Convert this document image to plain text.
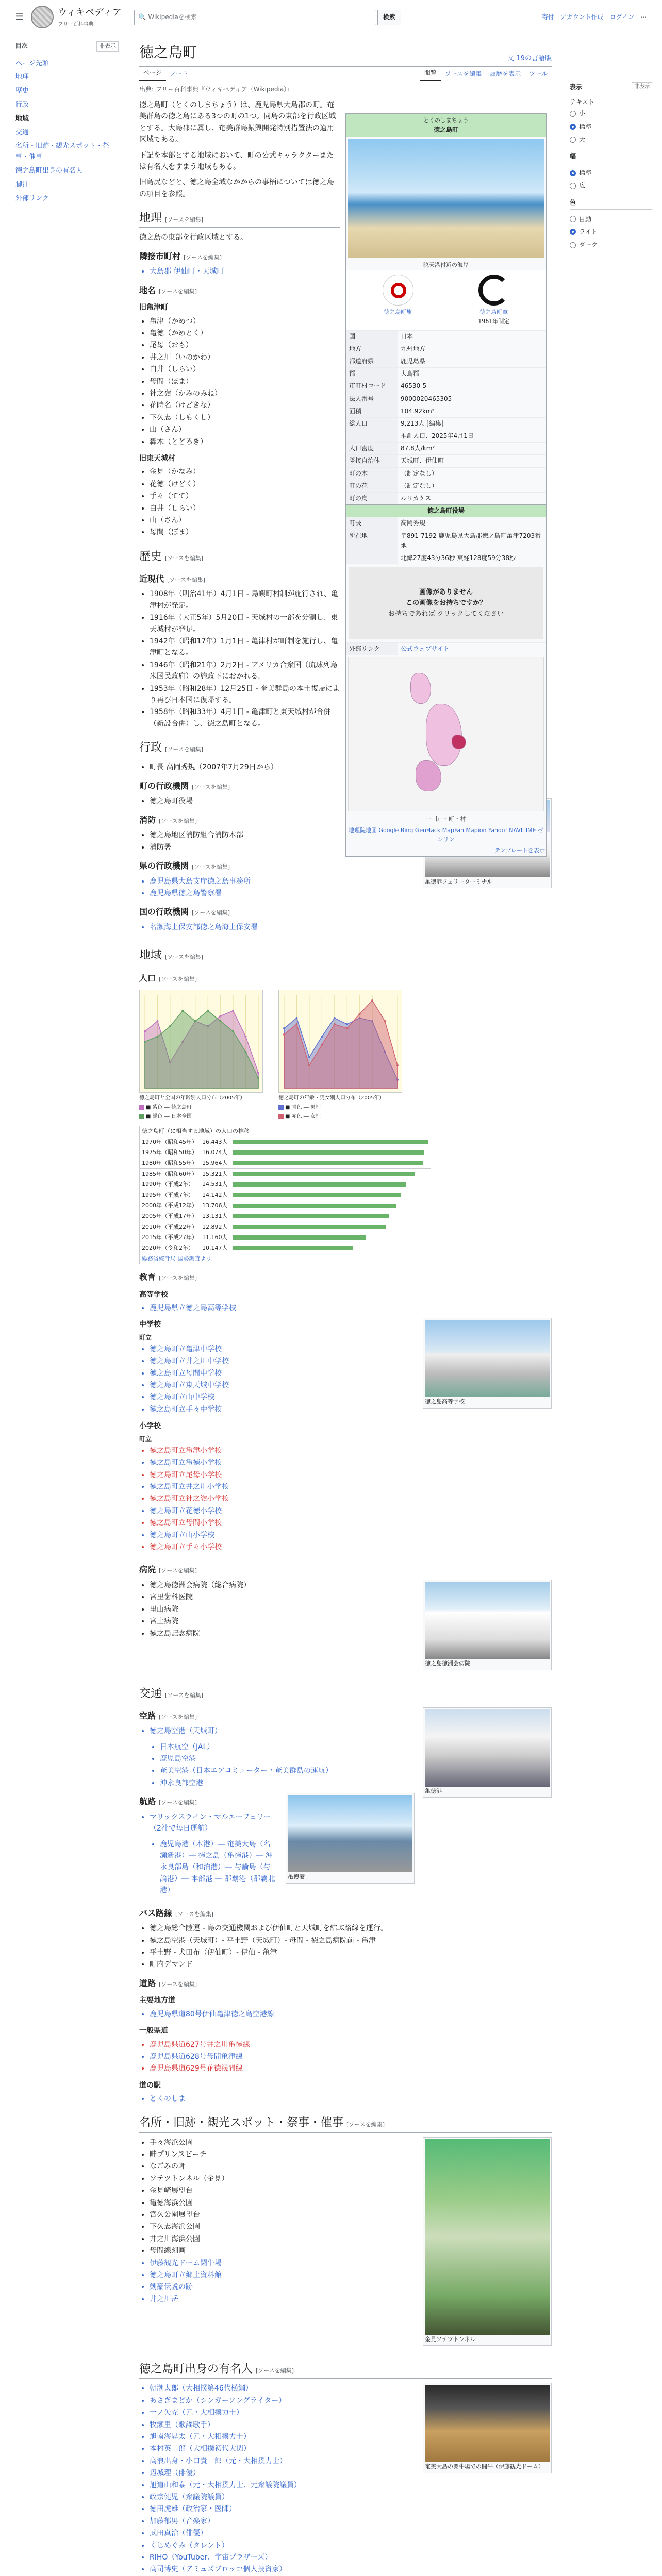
☰	ウィキペディア
フリー百科事典
🔍 Wikipediaを検索	検索	寄付 アカウント作成 ログイン ⋯
目次	非表示
ページ先頭
地理
歴史
行政
地域
交通
名所・旧跡・観光スポット・祭事・催事
徳之島町出身の有名人
脚注
外部リンク
表示	非表示
テキスト
小
標準
大
幅
標準
広
色
自動
ライト
ダーク
徳之島町	文 19の言語版
ページ	ノート	閲覧	ソースを編集	履歴を表示	ツール
出典: フリー百科事典『ウィキペディア（Wikipedia）』
とくのしまちょう
徳之島町
暁天港付近の海岸
徳之島町旗	徳之島町章
1961年制定
国	日本
地方	九州地方
都道府県	鹿児島県
郡	大島郡
市町村コード	46530-5
法人番号	9000020465305
面積	104.92km²
総人口	9,213人 [編集]
推計人口、2025年4月1日
人口密度	87.8人/km²
隣接自治体	天城町、伊仙町
町の木	（制定なし）
町の花	（制定なし）
町の鳥	ルリカケス
徳之島町役場
町長	高岡秀規
所在地	〒891-7192 鹿児島県大島郡徳之島町亀津7203番地
北緯27度43分36秒 東経128度59分38秒
画像がありません
この画像をお持ちですか？
お持ちであれば クリックしてください
外部リンク	公式ウェブサイト
ー 市 ー 町・村
地理院地図 Google Bing GeoHack MapFan Mapion Yahoo! NAVITIME ゼンリン
テンプレートを表示

徳之島町（とくのしまちょう）は、鹿児島県大島郡の町。奄美群島の徳之島にある3つの町の1つ。同島の東部を行政区域とする。大島郡に属し、奄美群島振興開発特別措置法の適用区域である。

下記を本部とする地域において、町の公式キャラクターまたは有名人をすまう地域もある。

旧島尻などと、徳之島全域なかからの事柄については徳之島の項目を参照。

地理 [ソースを編集]

徳之島の東部を行政区域とする。

隣接市町村 [ソースを編集]
• 大島郡 伊仙町・天城町
地名 [ソースを編集]
旧亀津町
• 亀津（かめつ）
• 亀徳（かめとく）
• 尾母（おも）
• 井之川（いのかわ）
• 白井（しらい）
• 母間（ぼま）
• 神之嶺（かみのみね）
• 花時名（けどきな）
• 下久志（しもくし）
• 山（さん）
• 轟木（とどろき）
旧東天城村
• 金見（かなみ）
• 花徳（けどく）
• 手々（てて）
• 白井（しらい）
• 山（さん）
• 母間（ぼま）
歴史 [ソースを編集]
近現代 [ソースを編集]
• 1908年（明治41年）4月1日 - 島嶼町村制が施行され、亀津村が発足。
• 1916年（大正5年）5月20日 - 天城村の一部を分割し、東天城村が発足。
• 1942年（昭和17年）1月1日 - 亀津村が町制を施行し、亀津町となる。
• 1946年（昭和21年）2月2日 - アメリカ合衆国（琉球列島米国民政府）の施政下におかれる。
• 1953年（昭和28年）12月25日 - 奄美群島の本土復帰により再び日本国に復帰する。
• 1958年（昭和33年）4月1日 - 亀津町と東天城村が合併（新設合併）し、徳之島町となる。
行政 [ソースを編集]
• 町長 高岡秀規（2007年7月29日から）
亀徳港フェリーターミナル
町の行政機関 [ソースを編集]
• 徳之島町役場
消防 [ソースを編集]
• 徳之島地区消防組合消防本部
• 消防署
県の行政機関 [ソースを編集]
• 鹿児島県大島支庁徳之島事務所
• 鹿児島県徳之島警察署
国の行政機関 [ソースを編集]
• 名瀬海上保安部徳之島海上保安署
地域 [ソースを編集]
人口 [ソースを編集]
徳之島町と全国の年齢別人口分布（2005年）
■ 紫色 ― 徳之島町
■ 緑色 ― 日本全国
徳之島町の年齢・男女別人口分布（2005年）
■ 青色 ― 男性
■ 赤色 ― 女性
徳之島町（に相当する地域）の人口の推移		
1970年（昭和45年）	16,443人	

1975年（昭和50年）	16,074人	

1980年（昭和55年）	15,964人	

1985年（昭和60年）	15,321人	

1990年（平成2年）	14,531人	

1995年（平成7年）	14,142人	

2000年（平成12年）	13,706人	

2005年（平成17年）	13,131人	

2010年（平成22年）	12,892人	

2015年（平成27年）	11,160人	

2020年（令和2年）	10,147人	

総務省統計局 国勢調査より		
教育 [ソースを編集]
高等学校
• 鹿児島県立徳之島高等学校
徳之島高等学校
中学校
町立
• 徳之島町立亀津中学校
• 徳之島町立井之川中学校
• 徳之島町立母間中学校
• 徳之島町立東天城中学校
• 徳之島町立山中学校
• 徳之島町立手々中学校
小学校
町立
• 徳之島町立亀津小学校
• 徳之島町立亀徳小学校
• 徳之島町立尾母小学校
• 徳之島町立井之川小学校
• 徳之島町立神之嶺小学校
• 徳之島町立花徳小学校
• 徳之島町立母間小学校
• 徳之島町立山小学校
• 徳之島町立手々小学校
病院 [ソースを編集]
徳之島徳洲会病院
• 徳之島徳洲会病院（総合病院）
• 宮里歯科医院
• 里山病院
• 宮上病院
• 徳之島記念病院
交通 [ソースを編集]
亀徳港
空路 [ソースを編集]
• 徳之島空港（天城町）
• 日本航空（JAL）
• 鹿児島空港
• 奄美空港（日本エアコミューター・奄美群島の運航）
• 沖永良部空港
亀徳港
航路 [ソースを編集]
• マリックスライン・マルエーフェリー（2社で毎日運航）
• 鹿児島港（本港）― 奄美大島（名瀬新港）― 徳之島（亀徳港）― 沖永良部島（和泊港）― 与論島（与論港）― 本部港 ― 那覇港（那覇北港）
バス路線 [ソースを編集]
• 徳之島総合陸運 ‐ 島の交通機関および伊仙町と天城町を結ぶ路線を運行。
• 徳之島空港（天城町）‐ 平土野（天城町）‐ 母間 ‐ 徳之島病院前 ‐ 亀津
• 平土野 ‐ 犬田布（伊仙町）‐ 伊仙 ‐ 亀津
• 町内デマンド
道路 [ソースを編集]
主要地方道
• 鹿児島県道80号伊仙亀津徳之島空港線
一般県道
• 鹿児島県道627号井之川亀徳線
• 鹿児島県道628号母間亀津線
• 鹿児島県道629号花徳浅間線
道の駅
• とくのしま
名所・旧跡・観光スポット・祭事・催事 [ソースを編集]
金見ソテツトンネル
• 手々海浜公園
• 畦プリンスビーチ
• なごみの岬
• ソテツトンネル（金見）
• 金見崎展望台
• 亀徳海浜公園
• 宮久公園展望台
• 下久志海浜公園
• 井之川海浜公園
• 母間線刻画
• 伊藤観光ドーム闘牛場
• 徳之島町立郷土資料館
• 剣豪伝説の跡
• 井之川岳
徳之島町出身の有名人 [ソースを編集]
奄美大島の闘牛場での闘牛（伊藤観光ドーム）
• 朝潮太郎（大相撲第46代横綱）
• あさぎまどか（シンガーソングライター）
• 一ノ矢充（元・大相撲力士）
• 牧瀬里（歌謡歌手）
• 旭南海昇太（元・大相撲力士）
• 本村英二郎（大相撲初代大関）
• 高浪出身・小口貴一郎（元・大相撲力士）
• 辺城理（俳優）
• 旭道山和泰（元・大相撲力士、元衆議院議員）
• 政宗健児（衆議院議員）
• 徳田虎雄（政治家・医師）
• 加藤郁男（音楽家）
• 武田真治（俳優）
• くじめぐみ（タレント）
• RIHO（YouTuber、宇宙ブラザーズ）
• 高司博史（アミュズブロッコ個人投資家）
•
